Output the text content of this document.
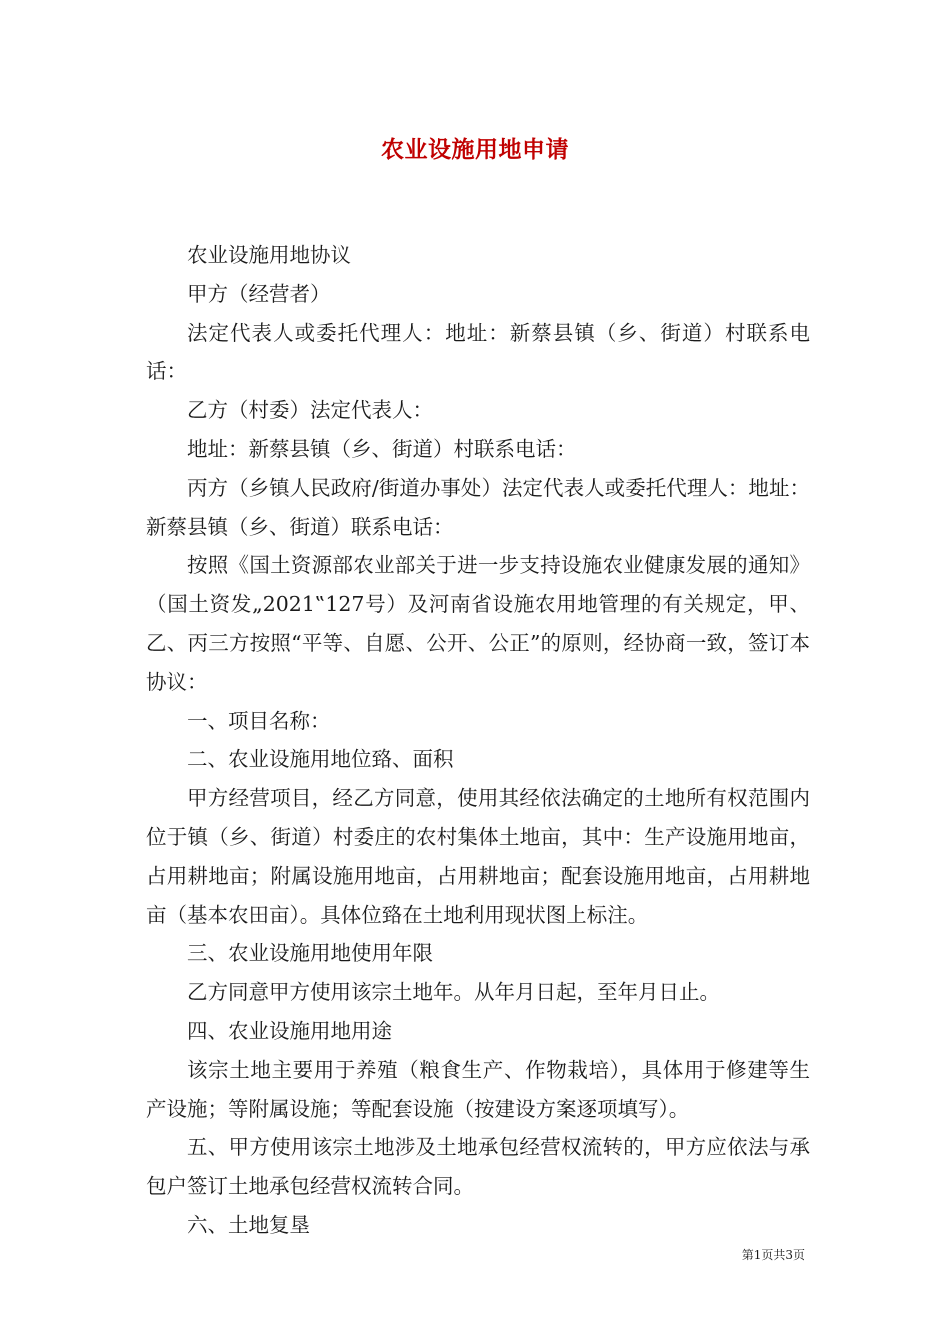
农业设施用地申请

农业设施用地协议

甲方（经营者）

法定代表人或委托代理人：地址：新蔡县镇（乡、街道）村联系电话：

乙方（村委）法定代表人：

地址：新蔡县镇（乡、街道）村联系电话：

丙方（乡镇人民政府/街道办事处）法定代表人或委托代理人：地址：新蔡县镇（乡、街道）联系电话：

按照《国土资源部农业部关于进一步支持设施农业健康发展的通知》（国土资发„2021‟127号）及河南省设施农用地管理的有关规定，甲、乙、丙三方按照“平等、自愿、公开、公正”的原则，经协商一致，签订本协议：

一、项目名称：

二、农业设施用地位臵、面积

甲方经营项目，经乙方同意，使用其经依法确定的土地所有权范围内位于镇（乡、街道）村委庄的农村集体土地亩，其中：生产设施用地亩，占用耕地亩；附属设施用地亩，占用耕地亩；配套设施用地亩，占用耕地亩（基本农田亩）。具体位臵在土地利用现状图上标注。

三、农业设施用地使用年限

乙方同意甲方使用该宗土地年。从年月日起，至年月日止。

四、农业设施用地用途

该宗土地主要用于养殖（粮食生产、作物栽培），具体用于修建等生产设施；等附属设施；等配套设施（按建设方案逐项填写）。

五、甲方使用该宗土地涉及土地承包经营权流转的，甲方应依法与承包户签订土地承包经营权流转合同。

六、土地复垦

第1页共3页
